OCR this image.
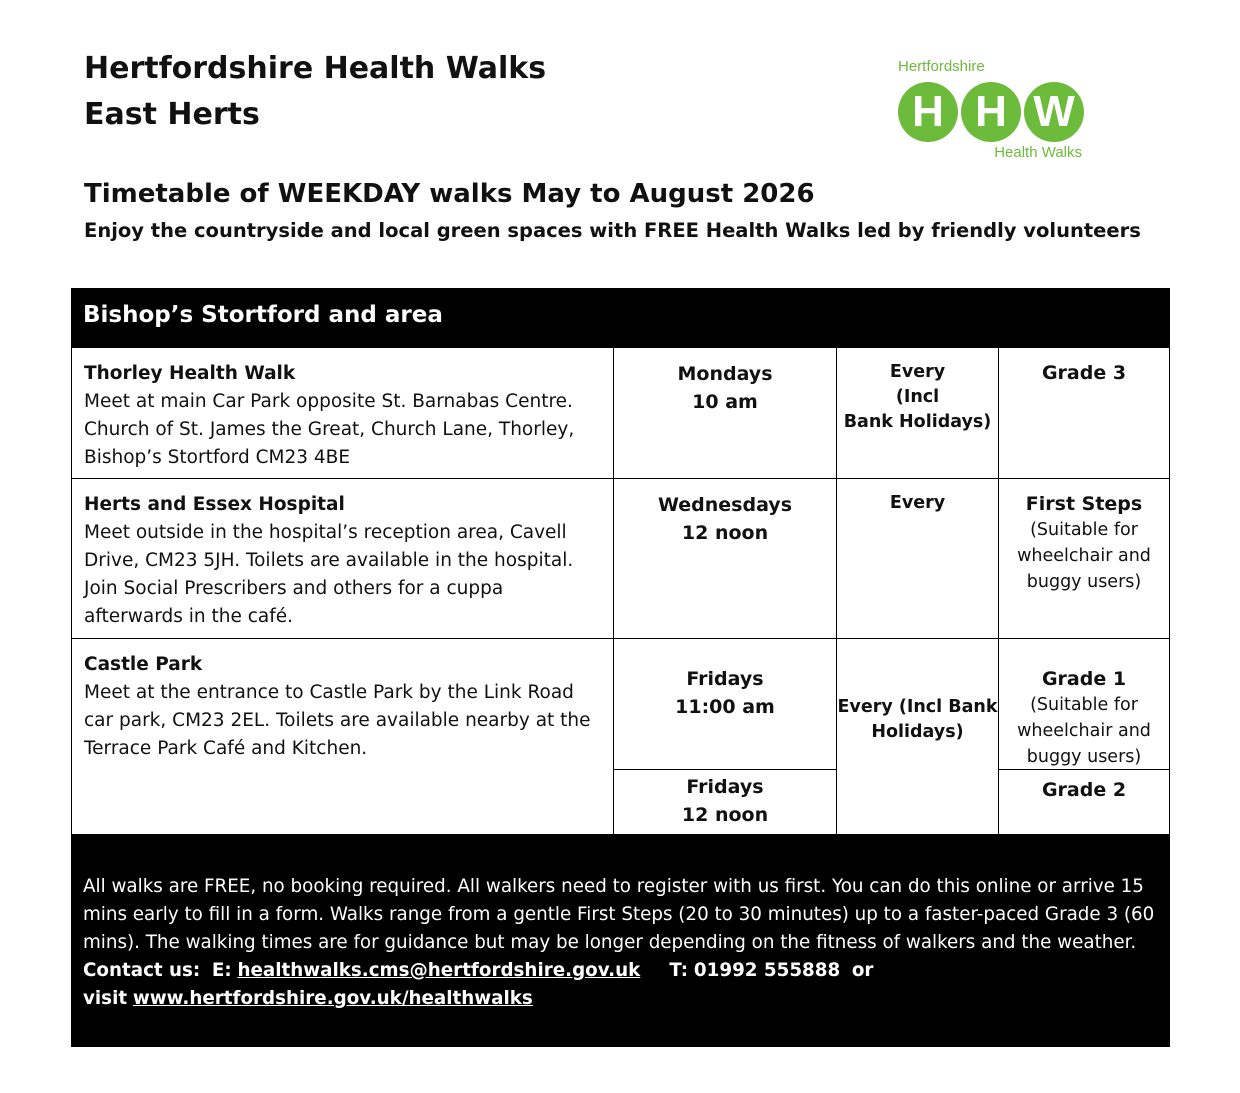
Hertfordshire Health Walks
East Herts
Hertfordshire
H H W
Health Walks
Timetable of WEEKDAY walks May to August 2026
Enjoy the countryside and local green spaces with FREE Health Walks led by friendly volunteers
Bishop’s Stortford and area
Thorley Health Walk
Meet at main Car Park opposite St. Barnabas Centre. Church of St. James the Great, Church Lane, Thorley, Bishop’s Stortford CM23 4BE
Mondays
10 am
Every
(Incl
Bank Holidays)
Grade 3
Herts and Essex Hospital
Meet outside in the hospital’s reception area, Cavell Drive, CM23 5JH. Toilets are available in the hospital. Join Social Prescribers and others for a cuppa afterwards in the café.
Wednesdays
12 noon
Every	First Steps
(Suitable for wheelchair and buggy users)
Castle Park
Meet at the entrance to Castle Park by the Link Road car park, CM23 2EL. Toilets are available nearby at the Terrace Park Café and Kitchen.
Fridays
11:00 am
Fridays
12 noon
Every (Incl Bank
Holidays)
Grade 1
(Suitable for wheelchair and buggy users)
Grade 2
All walks are FREE, no booking required. All walkers need to register with us first. You can do this online or arrive 15 mins early to fill in a form. Walks range from a gentle First Steps (20 to 30 minutes) up to a faster-paced Grade 3 (60 mins). The walking times are for guidance but may be longer depending on the fitness of walkers and the weather.  Contact us: E: healthwalks.cms@hertfordshire.gov.uk T: 01992 555888 or
visit www.hertfordshire.gov.uk/healthwalks
